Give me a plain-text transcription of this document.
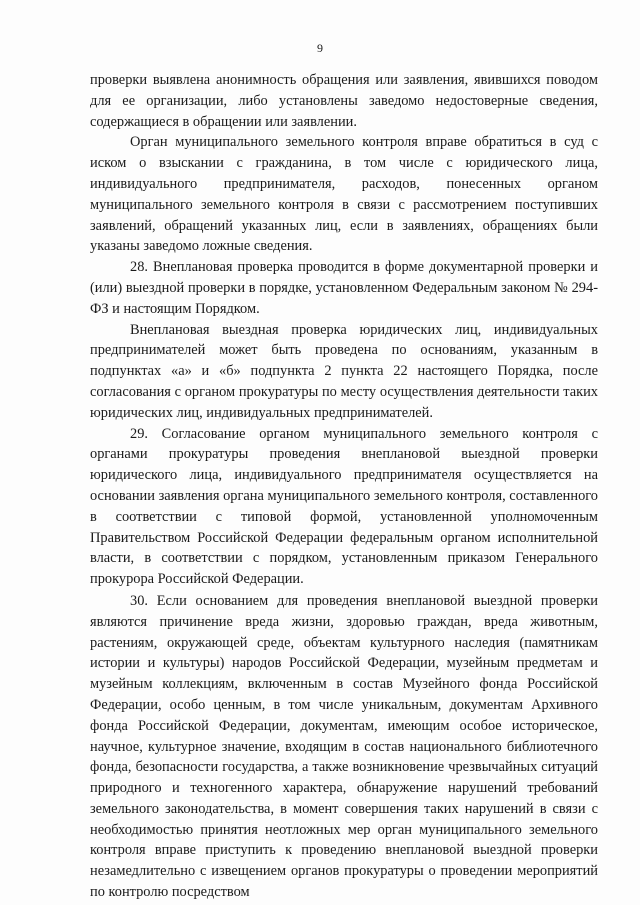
9

проверки выявлена анонимность обращения или заявления, явившихся поводом для ее организации, либо установлены заведомо недостоверные сведения, содержащиеся в обращении или заявлении.

Орган муниципального земельного контроля вправе обратиться в суд с иском о взыскании с гражданина, в том числе с юридического лица, индивидуального предпринимателя, расходов, понесенных органом муниципального земельного контроля в связи с рассмотрением поступивших заявлений, обращений указанных лиц, если в заявлениях, обращениях были указаны заведомо ложные сведения.

28. Внеплановая проверка проводится в форме документарной проверки и (или) выездной проверки в порядке, установленном Федеральным законом № 294-ФЗ и настоящим Порядком.

Внеплановая выездная проверка юридических лиц, индивидуальных предпринимателей может быть проведена по основаниям, указанным в подпунктах «а» и «б» подпункта 2 пункта 22 настоящего Порядка, после согласования с органом прокуратуры по месту осуществления деятельности таких юридических лиц, индивидуальных предпринимателей.

29. Согласование органом муниципального земельного контроля с органами прокуратуры проведения внеплановой выездной проверки юридического лица, индивидуального предпринимателя осуществляется на основании заявления органа муниципального земельного контроля, составленного в соответствии с типовой формой, установленной уполномоченным Правительством Российской Федерации федеральным органом исполнительной власти, в соответствии с порядком, установленным приказом Генерального прокурора Российской Федерации.

30. Если основанием для проведения внеплановой выездной проверки являются причинение вреда жизни, здоровью граждан, вреда животным, растениям, окружающей среде, объектам культурного наследия (памятникам истории и культуры) народов Российской Федерации, музейным предметам и музейным коллекциям, включенным в состав Музейного фонда Российской Федерации, особо ценным, в том числе уникальным, документам Архивного фонда Российской Федерации, документам, имеющим особое историческое, научное, культурное значение, входящим в состав национального библиотечного фонда, безопасности государства, а также возникновение чрезвычайных ситуаций природного и техногенного характера, обнаружение нарушений требований земельного законодательства, в момент совершения таких нарушений в связи с необходимостью принятия неотложных мер орган муниципального земельного контроля вправе приступить к проведению внеплановой выездной проверки незамедлительно с извещением органов прокуратуры о проведении мероприятий по контролю посредством
